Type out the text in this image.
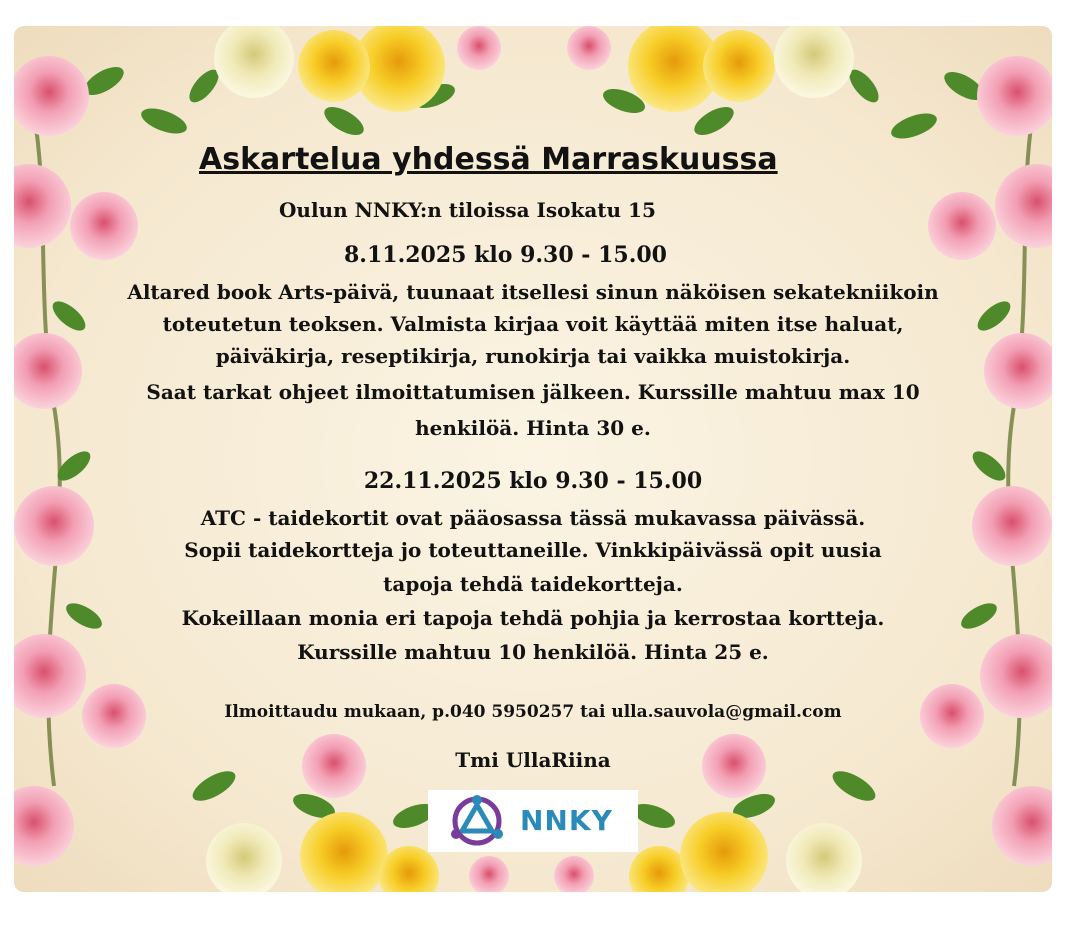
Askartelua yhdessä Marraskuussa
Oulun NNKY:n tiloissa Isokatu 15
8.11.2025 klo 9.30 - 15.00
Altared book Arts-päivä, tuunaat itsellesi sinun näköisen sekatekniikoin
toteutetun teoksen. Valmista kirjaa voit käyttää miten itse haluat,
päiväkirja, reseptikirja, runokirja tai vaikka muistokirja.
Saat tarkat ohjeet ilmoittatumisen jälkeen. Kurssille mahtuu max 10
henkilöä. Hinta 30 e.
22.11.2025 klo 9.30 - 15.00
ATC - taidekortit ovat pääosassa tässä mukavassa päivässä.
Sopii taidekortteja jo toteuttaneille. Vinkkipäivässä opit uusia
tapoja tehdä taidekortteja.
Kokeillaan monia eri tapoja tehdä pohjia ja kerrostaa kortteja.
Kurssille mahtuu 10 henkilöä. Hinta 25 e.
Ilmoittaudu mukaan, p.040 5950257 tai ulla.sauvola@gmail.com
Tmi UllaRiina
NNKY
